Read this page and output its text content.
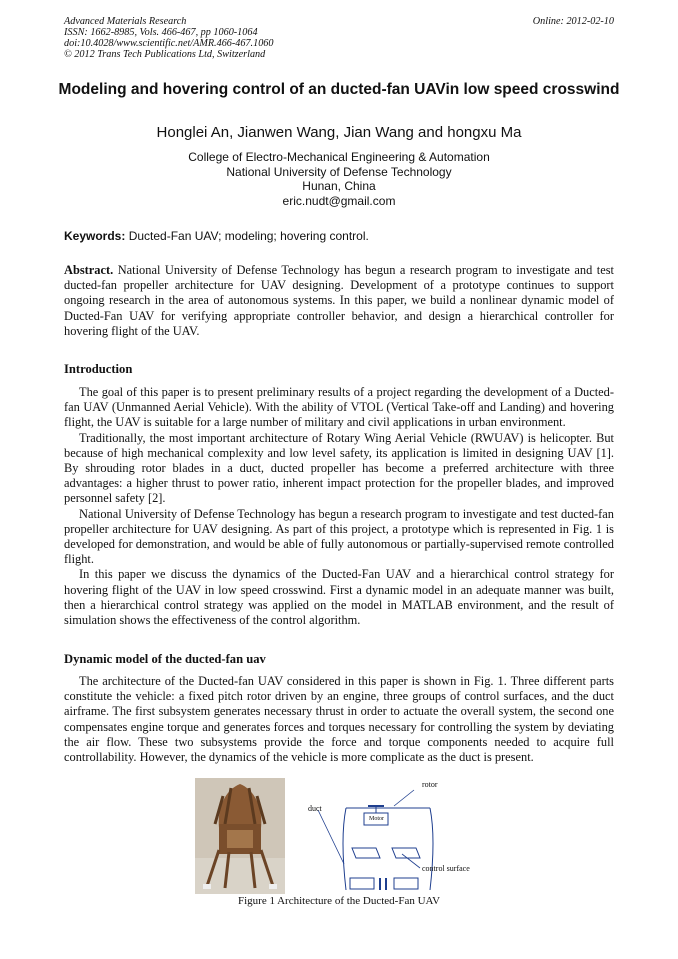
Advanced Materials Research
ISSN: 1662-8985, Vols. 466-467, pp 1060-1064
doi:10.4028/www.scientific.net/AMR.466-467.1060
© 2012 Trans Tech Publications Ltd, Switzerland
Online: 2012-02-10
Modeling and hovering control of an ducted-fan UAVin low speed crosswind
Honglei An, Jianwen Wang, Jian Wang and hongxu Ma
College of Electro-Mechanical Engineering & Automation
National University of Defense Technology
Hunan, China
eric.nudt@gmail.com
Keywords: Ducted-Fan UAV; modeling; hovering control.
Abstract. National University of Defense Technology has begun a research program to investigate and test ducted-fan propeller architecture for UAV designing. Development of a prototype continues to support ongoing research in the area of autonomous systems. In this paper, we build a nonlinear dynamic model of Ducted-Fan UAV for verifying appropriate controller behavior, and design a hierarchical controller for hovering flight of the UAV.
Introduction
The goal of this paper is to present preliminary results of a project regarding the development of a Ducted-fan UAV (Unmanned Aerial Vehicle). With the ability of VTOL (Vertical Take-off and Landing) and hovering flight, the UAV is suitable for a large number of military and civil applications in urban environment.
Traditionally, the most important architecture of Rotary Wing Aerial Vehicle (RWUAV) is helicopter. But because of high mechanical complexity and low level safety, its application is limited in designing UAV [1]. By shrouding rotor blades in a duct, ducted propeller has become a preferred architecture with three advantages: a higher thrust to power ratio, inherent impact protection for the propeller blades, and improved personnel safety [2].
National University of Defense Technology has begun a research program to investigate and test ducted-fan propeller architecture for UAV designing. As part of this project, a prototype which is represented in Fig. 1 is developed for demonstration, and would be able of fully autonomous or partially-supervised remote controlled flight.
In this paper we discuss the dynamics of the Ducted-Fan UAV and a hierarchical control strategy for hovering flight of the UAV in low speed crosswind. First a dynamic model in an adequate manner was built, then a hierarchical control strategy was applied on the model in MATLAB environment, and the result of simulation shows the effectiveness of the control algorithm.
Dynamic model of the ducted-fan uav
The architecture of the Ducted-fan UAV considered in this paper is shown in Fig. 1. Three different parts constitute the vehicle: a fixed pitch rotor driven by an engine, three groups of control surfaces, and the duct airframe. The first subsystem generates necessary thrust in order to actuate the overall system, the second one compensates engine torque and generates forces and torques necessary for controlling the system by deviating the air flow. These two subsystems provide the force and torque components needed to acquire full controllability. However, the dynamics of the vehicle is more complicate as the duct is present.
rotor
duct
Motor
control surface
Figure 1 Architecture of the Ducted-Fan UAV
